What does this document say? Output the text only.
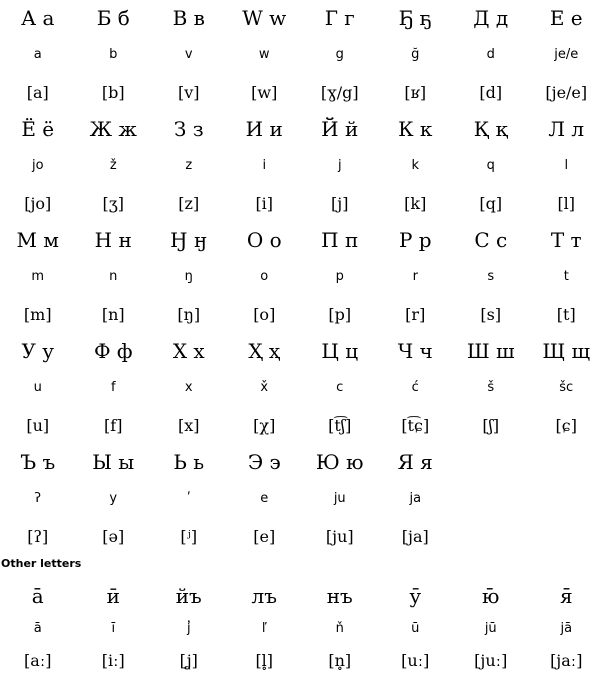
А а
a
[a]
Б б
b
[b]
В в
v
[v]
W w
w
[w]
Г г
g
[ɣ/g]
Ҕ ҕ
ğ
[ʁ]
Д д
d
[d]
Е е
je/e
[je/e]
Ё ё
jo
[jo]
Ж ж
ž
[ʒ]
З з
z
[z]
И и
i
[i]
Й й
j
[j]
К к
k
[k]
Қ қ
q
[q]
Л л
l
[l]
М м
m
[m]
Н н
n
[n]
Ӈ ӈ
ŋ
[ŋ]
О о
o
[o]
П п
p
[p]
Р р
r
[r]
С с
s
[s]
Т т
t
[t]
У у
u
[u]
Ф ф
f
[f]
Х х
x
[x]
Ҳ ҳ
x̌
[χ]
Ц ц
c
[t͡ʃ]
Ч ч
ć
[t͡ɕ]
Ш ш
š
[ʃ]
Щ щ
šc
[ɕ]
Ъ ъ
ʔ
[ʔ]
Ы ы
y
[ə]
Ь ь
ʹ
[ʲ]
Э э
e
[e]
Ю ю
ju
[ju]
Я я
ja
[ja]
Other letters
а̄
ā
[aː]
ӣ
ī
[iː]
йъ
ȷ̓
[ʝ]
лъ
ľ
[l̥]
нъ
ň
[n̥]
ӯ
ū
[uː]
ю̄
jū
[juː]
я̄
jā
[jaː]
